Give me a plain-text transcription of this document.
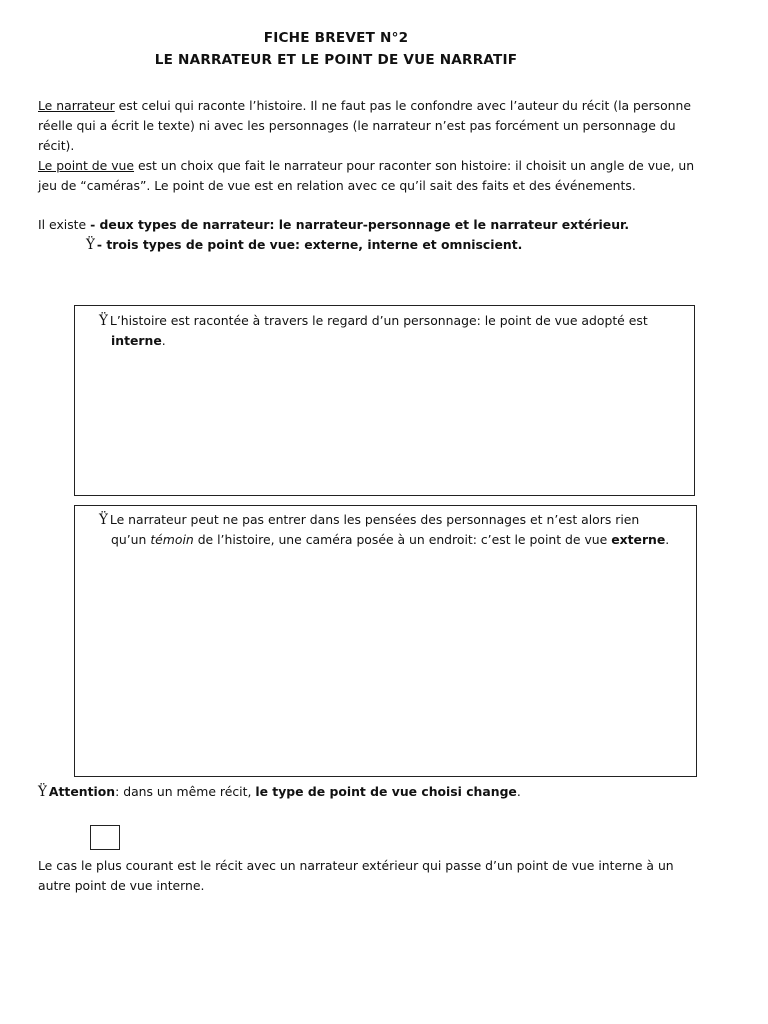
FICHE BREVET N°2
LE NARRATEUR ET LE POINT DE VUE NARRATIF
Le narrateur est celui qui raconte l’histoire. Il ne faut pas le confondre avec l’auteur du récit (la personne
réelle qui a écrit le texte) ni avec les personnages (le narrateur n’est pas forcément un personnage du
récit).
Le point de vue est un choix que fait le narrateur pour raconter son histoire: il choisit un angle de vue, un
jeu de “caméras”. Le point de vue est en relation avec ce qu’il sait des faits et des événements.
Il existe - deux types de narrateur: le narrateur-personnage et le narrateur extérieur.
Ÿ - trois types de point de vue: externe, interne et omniscient.
Ÿ L’histoire est racontée à travers le regard d’un personnage: le point de vue adopté est
interne.
Ÿ Le narrateur peut ne pas entrer dans les pensées des personnages et n’est alors rien
qu’un témoin de l’histoire, une caméra posée à un endroit: c’est le point de vue externe.
Ÿ Attention: dans un même récit, le type de point de vue choisi change.
Le cas le plus courant est le récit avec un narrateur extérieur qui passe d’un point de vue interne à un
autre point de vue interne.
